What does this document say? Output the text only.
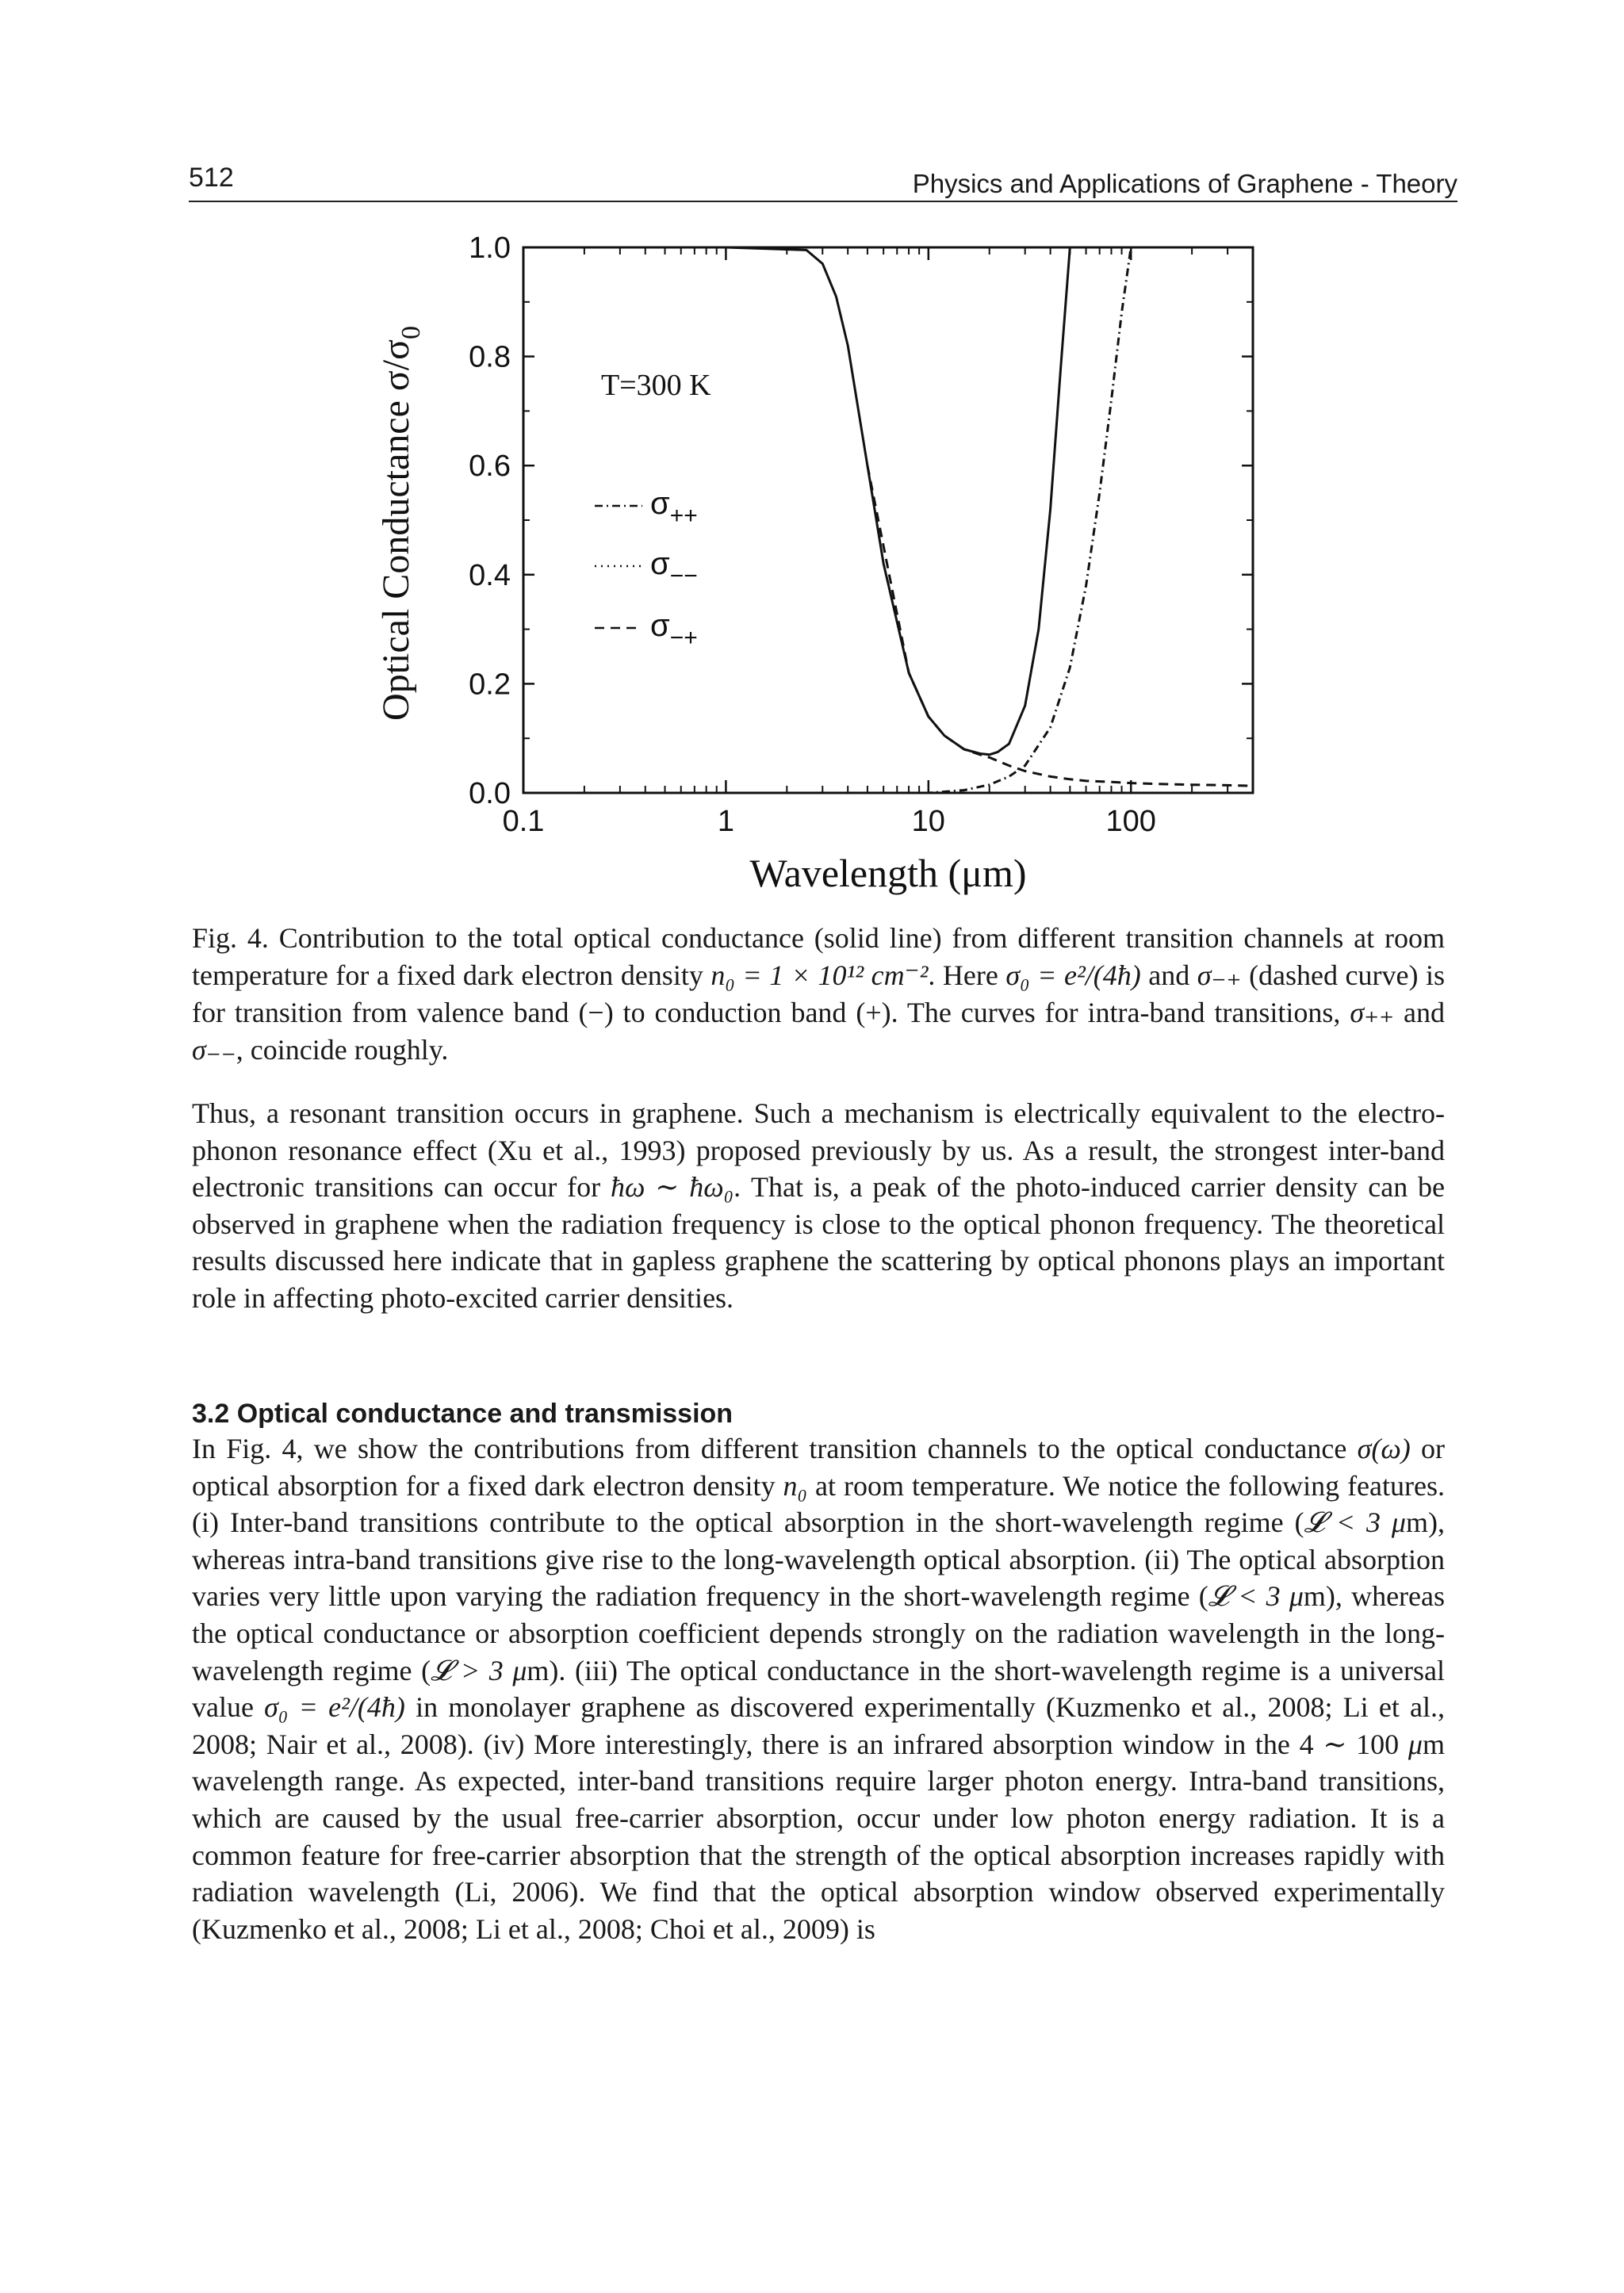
512	Physics and Applications of Graphene - Theory
0.0
0.2
0.4
0.6
0.8
1.0
0.1	1	10	100
Wavelength (μm)
Optical Conductance $\sigma/\sigma_0$
T=300 K
$\sigma_{++}$
$\sigma_{--}$
$\sigma_{-+}$
Fig. 4. Contribution to the total optical conductance (solid line) from different transition channels at room temperature for a fixed dark electron density n₀ = 1 × 10¹² cm⁻². Here σ₀ = e²/(4ħ) and σ₋₊ (dashed curve) is for transition from valence band (−) to conduction band (+). The curves for intra-band transitions, σ₊₊ and σ₋₋, coincide roughly.
Thus, a resonant transition occurs in graphene. Such a mechanism is electrically equivalent to the electro-phonon resonance effect (Xu et al., 1993) proposed previously by us. As a result, the strongest inter-band electronic transitions can occur for ħω ∼ ħω₀. That is, a peak of the photo-induced carrier density can be observed in graphene when the radiation frequency is close to the optical phonon frequency. The theoretical results discussed here indicate that in gapless graphene the scattering by optical phonons plays an important role in affecting photo-excited carrier densities.
3.2 Optical conductance and transmission
In Fig. 4, we show the contributions from different transition channels to the optical conductance σ(ω) or optical absorption for a fixed dark electron density n₀ at room temperature. We notice the following features. (i) Inter-band transitions contribute to the optical absorption in the short-wavelength regime (𝓛 < 3 μm), whereas intra-band transitions give rise to the long-wavelength optical absorption. (ii) The optical absorption varies very little upon varying the radiation frequency in the short-wavelength regime (𝓛 < 3 μm), whereas the optical conductance or absorption coefficient depends strongly on the radiation wavelength in the long-wavelength regime (𝓛 > 3 μm). (iii) The optical conductance in the short-wavelength regime is a universal value σ₀ = e²/(4ħ) in monolayer graphene as discovered experimentally (Kuzmenko et al., 2008; Li et al., 2008; Nair et al., 2008). (iv) More interestingly, there is an infrared absorption window in the 4 ∼ 100 μm wavelength range. As expected, inter-band transitions require larger photon energy. Intra-band transitions, which are caused by the usual free-carrier absorption, occur under low photon energy radiation. It is a common feature for free-carrier absorption that the strength of the optical absorption increases rapidly with radiation wavelength (Li, 2006). We find that the optical absorption window observed experimentally (Kuzmenko et al., 2008; Li et al., 2008; Choi et al., 2009) is
